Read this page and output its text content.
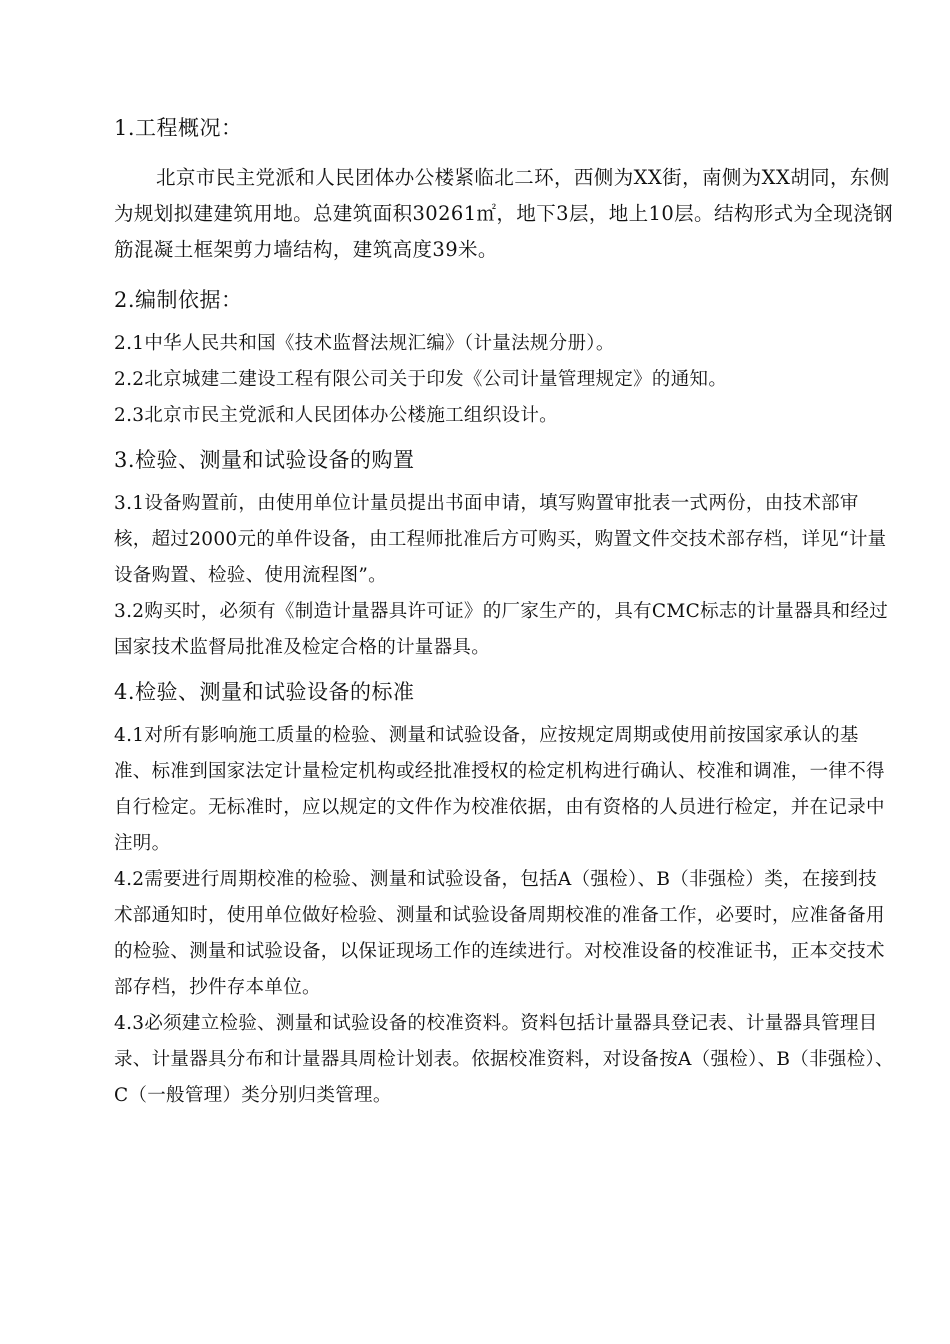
1.工程概况：

北京市民主党派和人民团体办公楼紧临北二环，西侧为XX街，南侧为XX胡同，东侧为规划拟建建筑用地。总建筑面积30261㎡，地下3层，地上10层。结构形式为全现浇钢筋混凝土框架剪力墙结构，建筑高度39米。

2.编制依据：

2.1中华人民共和国《技术监督法规汇编》（计量法规分册）。

2.2北京城建二建设工程有限公司关于印发《公司计量管理规定》的通知。

2.3北京市民主党派和人民团体办公楼施工组织设计。

3.检验、测量和试验设备的购置

3.1设备购置前，由使用单位计量员提出书面申请，填写购置审批表一式两份，由技术部审核，超过2000元的单件设备，由工程师批准后方可购买，购置文件交技术部存档，详见“计量设备购置、检验、使用流程图”。

3.2购买时，必须有《制造计量器具许可证》的厂家生产的，具有CMC标志的计量器具和经过国家技术监督局批准及检定合格的计量器具。

4.检验、测量和试验设备的标准

4.1对所有影响施工质量的检验、测量和试验设备，应按规定周期或使用前按国家承认的基准、标准到国家法定计量检定机构或经批准授权的检定机构进行确认、校准和调准，一律不得自行检定。无标准时，应以规定的文件作为校准依据，由有资格的人员进行检定，并在记录中注明。

4.2需要进行周期校准的检验、测量和试验设备，包括A（强检）、B（非强检）类，在接到技术部通知时，使用单位做好检验、测量和试验设备周期校准的准备工作，必要时，应准备备用的检验、测量和试验设备，以保证现场工作的连续进行。对校准设备的校准证书，正本交技术部存档，抄件存本单位。

4.3必须建立检验、测量和试验设备的校准资料。资料包括计量器具登记表、计量器具管理目录、计量器具分布和计量器具周检计划表。依据校准资料，对设备按A（强检）、B（非强检）、C（一般管理）类分别归类管理。
